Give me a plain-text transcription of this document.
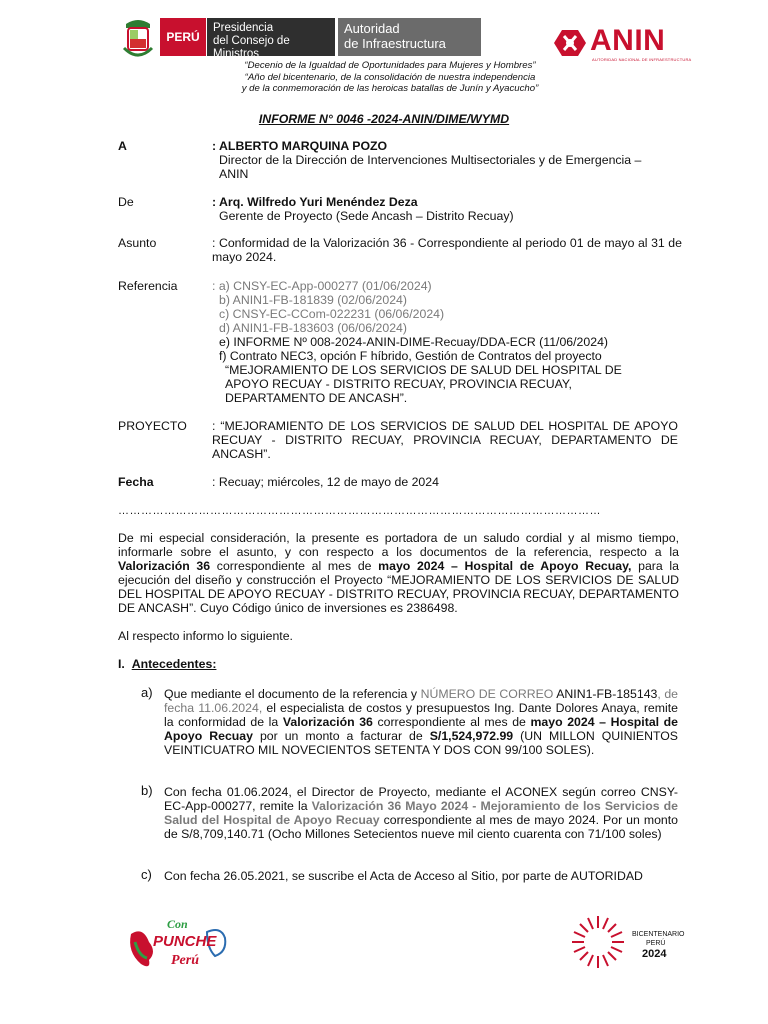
PERÚ
Presidencia
del Consejo de Ministros
Autoridad
de Infraestructura	ANIN
AUTORIDAD NACIONAL DE INFRAESTRUCTURA
“Decenio de la Igualdad de Oportunidades para Mujeres y Hombres”
“Año del bicentenario, de la consolidación de nuestra independencia
y de la conmemoración de las heroicas batallas de Junín y Ayacucho”
INFORME N° 0046 -2024-ANIN/DIME/WYMD
A	: ALBERTO MARQUINA POZO
Director de la Dirección de Intervenciones Multisectoriales y de Emergencia –
ANIN
De	: Arq. Wilfredo Yuri Menéndez Deza
Gerente de Proyecto (Sede Ancash – Distrito Recuay)
Asunto	: Conformidad de la Valorización 36 - Correspondiente al periodo 01 de mayo al 31 de mayo 2024.
Referencia	: a) CNSY-EC-App-000277 (01/06/2024)
b) ANIN1-FB-181839 (02/06/2024)
c) CNSY-EC-CCom-022231 (06/06/2024)
d) ANIN1-FB-183603 (06/06/2024)
e) INFORME Nº 008-2024-ANIN-DIME-Recuay/DDA-ECR (11/06/2024)
f) Contrato NEC3, opción F híbrido, Gestión de Contratos del proyecto
“MEJORAMIENTO DE LOS SERVICIOS DE SALUD DEL HOSPITAL DE
APOYO RECUAY - DISTRITO RECUAY, PROVINCIA RECUAY,
DEPARTAMENTO DE ANCASH”.
PROYECTO : “MEJORAMIENTO DE LOS SERVICIOS DE SALUD DEL HOSPITAL DE APOYO RECUAY - DISTRITO RECUAY, PROVINCIA RECUAY, DEPARTAMENTO DE ANCASH”.
Fecha	: Recuay; miércoles, 12 de mayo de 2024
………………………………………………………………………………………………………………
De mi especial consideración, la presente es portadora de un saludo cordial y al mismo tiempo, informarle sobre el asunto, y con respecto a los documentos de la referencia, respecto a la Valorización 36 correspondiente al mes de mayo 2024 – Hospital de Apoyo Recuay, para la ejecución del diseño y construcción el Proyecto “MEJORAMIENTO DE LOS SERVICIOS DE SALUD DEL HOSPITAL DE APOYO RECUAY - DISTRITO RECUAY, PROVINCIA RECUAY, DEPARTAMENTO DE ANCASH”. Cuyo Código único de inversiones es 2386498.
Al respecto informo lo siguiente.
I. Antecedentes:
a) Que mediante el documento de la referencia y NÚMERO DE CORREO ANIN1-FB-185143, de fecha 11.06.2024, el especialista de costos y presupuestos Ing. Dante Dolores Anaya, remite la conformidad de la Valorización 36 correspondiente al mes de mayo 2024 – Hospital de Apoyo Recuay por un monto a facturar de S/1,524,972.99 (UN MILLON QUINIENTOS VEINTICUATRO MIL NOVECIENTOS SETENTA Y DOS CON 99/100 SOLES).
b) Con fecha 01.06.2024, el Director de Proyecto, mediante el ACONEX según correo CNSY-EC-App-000277, remite la Valorización 36 Mayo 2024 - Mejoramiento de los Servicios de Salud del Hospital de Apoyo Recuay correspondiente al mes de mayo 2024. Por un monto de S/8,709,140.71 (Ocho Millones Setecientos nueve mil ciento cuarenta con 71/100 soles)
c) Con fecha 26.05.2021, se suscribe el Acta de Acceso al Sitio, por parte de AUTORIDAD
Con
PUNCHE
Perú
BICENTENARIO
PERÚ
2024
